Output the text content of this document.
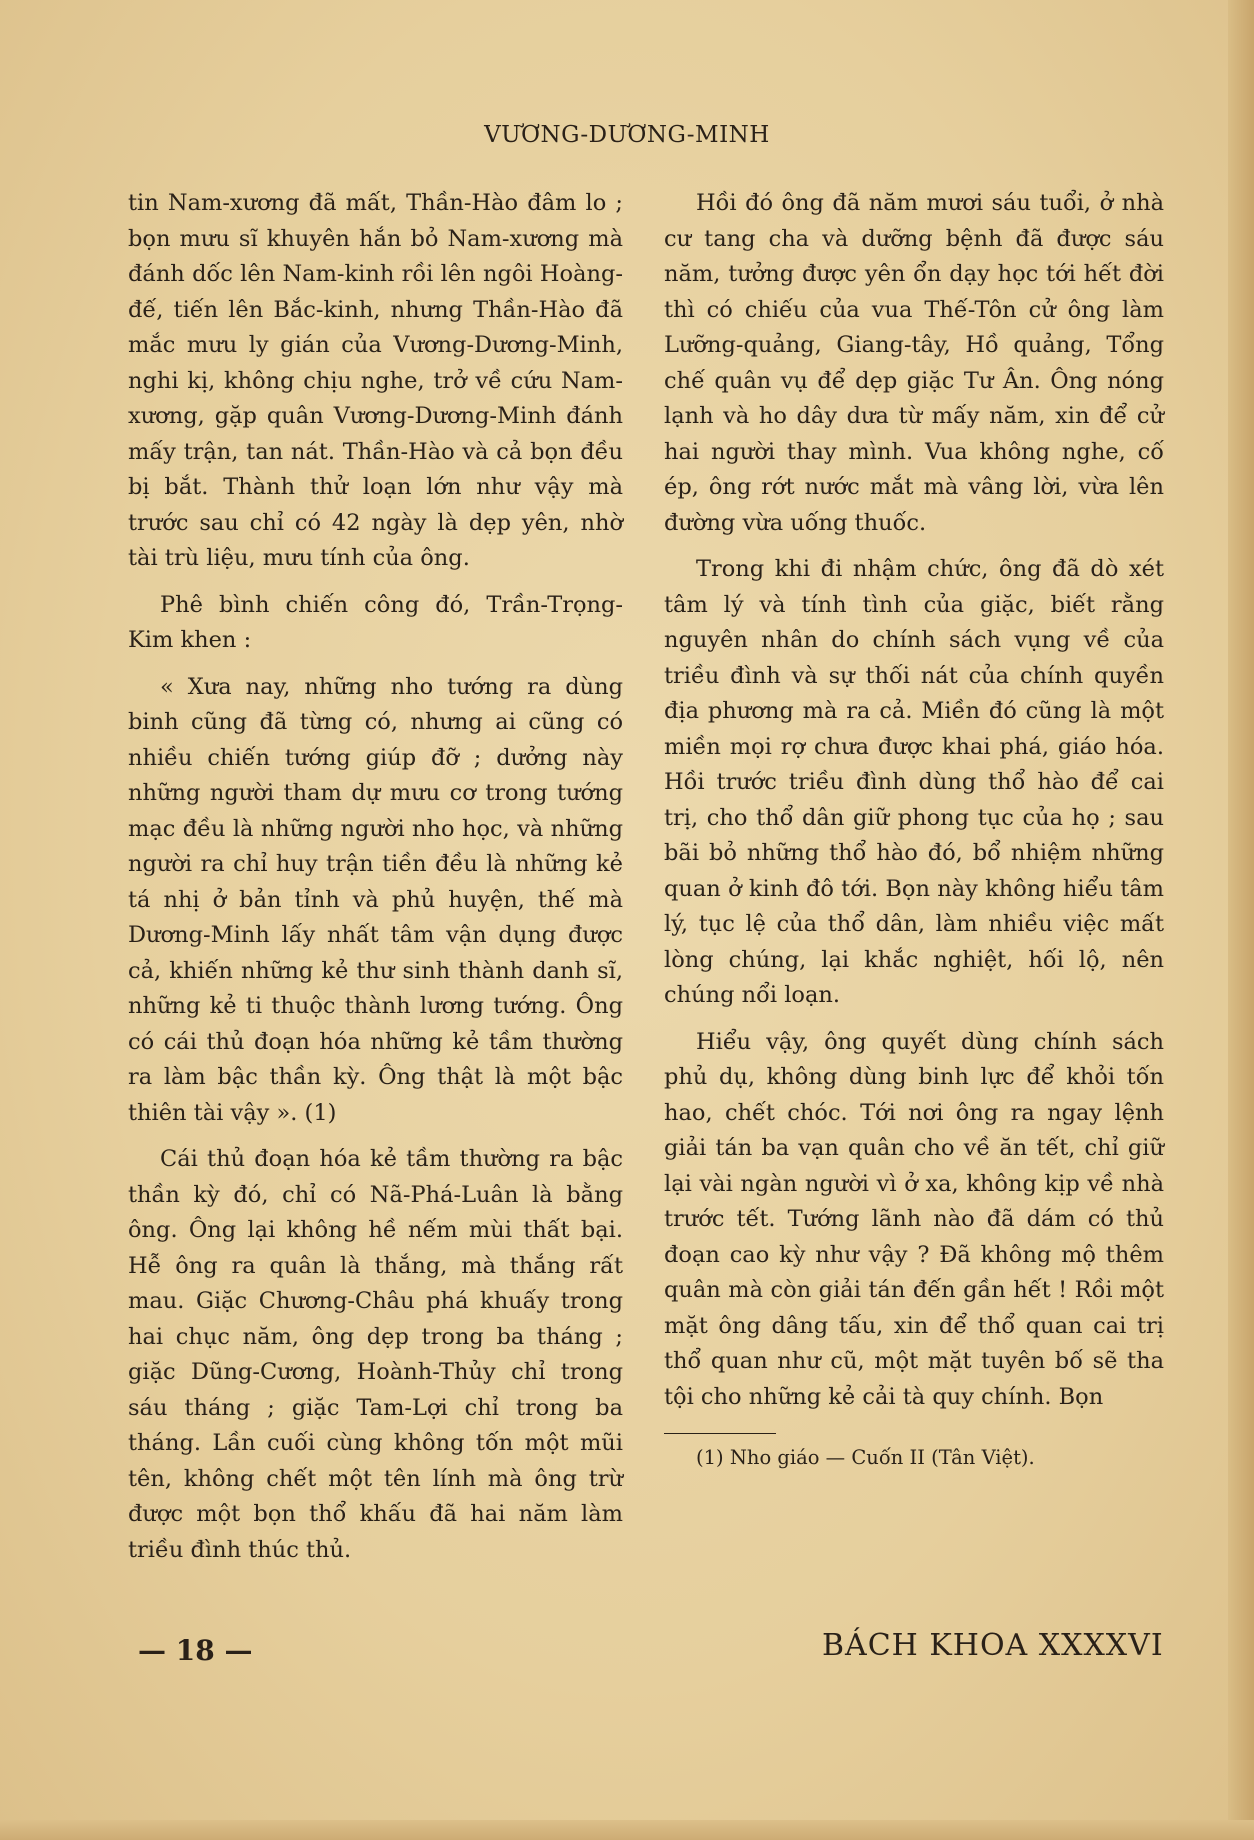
VƯƠNG-DƯƠNG-MINH

tin Nam-xương đã mất, Thần-Hào đâm lo ; bọn mưu sĩ khuyên hắn bỏ Nam-xương mà đánh dốc lên Nam-kinh rồi lên ngôi Hoàng-đế, tiến lên Bắc-kinh, nhưng Thần-Hào đã mắc mưu ly gián của Vương-Dương-Minh, nghi kị, không chịu nghe, trở về cứu Nam-xương, gặp quân Vương-Dương-Minh đánh mấy trận, tan nát. Thần-Hào và cả bọn đều bị bắt. Thành thử loạn lớn như vậy mà trước sau chỉ có 42 ngày là dẹp yên, nhờ tài trù liệu, mưu tính của ông.

Phê bình chiến công đó, Trần-Trọng-Kim khen :

« Xưa nay, những nho tướng ra dùng binh cũng đã từng có, nhưng ai cũng có nhiều chiến tướng giúp đỡ ; dưởng này những người tham dự mưu cơ trong tướng mạc đều là những người nho học, và những người ra chỉ huy trận tiền đều là những kẻ tá nhị ở bản tỉnh và phủ huyện, thế mà Dương-Minh lấy nhất tâm vận dụng được cả, khiến những kẻ thư sinh thành danh sĩ, những kẻ ti thuộc thành lương tướng. Ông có cái thủ đoạn hóa những kẻ tầm thường ra làm bậc thần kỳ. Ông thật là một bậc thiên tài vậy ». (1)

Cái thủ đoạn hóa kẻ tầm thường ra bậc thần kỳ đó, chỉ có Nã-Phá-Luân là bằng ông. Ông lại không hề nếm mùi thất bại. Hễ ông ra quân là thắng, mà thắng rất mau. Giặc Chương-Châu phá khuấy trong hai chục năm, ông dẹp trong ba tháng ; giặc Dũng-Cương, Hoành-Thủy chỉ trong sáu tháng ; giặc Tam-Lợi chỉ trong ba tháng. Lần cuối cùng không tốn một mũi tên, không chết một tên lính mà ông trừ được một bọn thổ khấu đã hai năm làm triều đình thúc thủ.

Hồi đó ông đã năm mươi sáu tuổi, ở nhà cư tang cha và dưỡng bệnh đã được sáu năm, tưởng được yên ổn dạy học tới hết đời thì có chiếu của vua Thế-Tôn cử ông làm Lưỡng-quảng, Giang-tây, Hồ quảng, Tổng chế quân vụ để dẹp giặc Tư Ân. Ông nóng lạnh và ho dây dưa từ mấy năm, xin để cử hai người thay mình. Vua không nghe, cố ép, ông rớt nước mắt mà vâng lời, vừa lên đường vừa uống thuốc.

Trong khi đi nhậm chức, ông đã dò xét tâm lý và tính tình của giặc, biết rằng nguyên nhân do chính sách vụng về của triều đình và sự thối nát của chính quyền địa phương mà ra cả. Miền đó cũng là một miền mọi rợ chưa được khai phá, giáo hóa. Hồi trước triều đình dùng thổ hào để cai trị, cho thổ dân giữ phong tục của họ ; sau bãi bỏ những thổ hào đó, bổ nhiệm những quan ở kinh đô tới. Bọn này không hiểu tâm lý, tục lệ của thổ dân, làm nhiều việc mất lòng chúng, lại khắc nghiệt, hối lộ, nên chúng nổi loạn.

Hiểu vậy, ông quyết dùng chính sách phủ dụ, không dùng binh lực để khỏi tốn hao, chết chóc. Tới nơi ông ra ngay lệnh giải tán ba vạn quân cho về ăn tết, chỉ giữ lại vài ngàn người vì ở xa, không kịp về nhà trước tết. Tướng lãnh nào đã dám có thủ đoạn cao kỳ như vậy ? Đã không mộ thêm quân mà còn giải tán đến gần hết ! Rồi một mặt ông dâng tấu, xin để thổ quan cai trị thổ quan như cũ, một mặt tuyên bố sẽ tha tội cho những kẻ cải tà quy chính. Bọn

(1) Nho giáo — Cuốn II (Tân Việt).

— 18 —	BÁCH KHOA XXXXVI
